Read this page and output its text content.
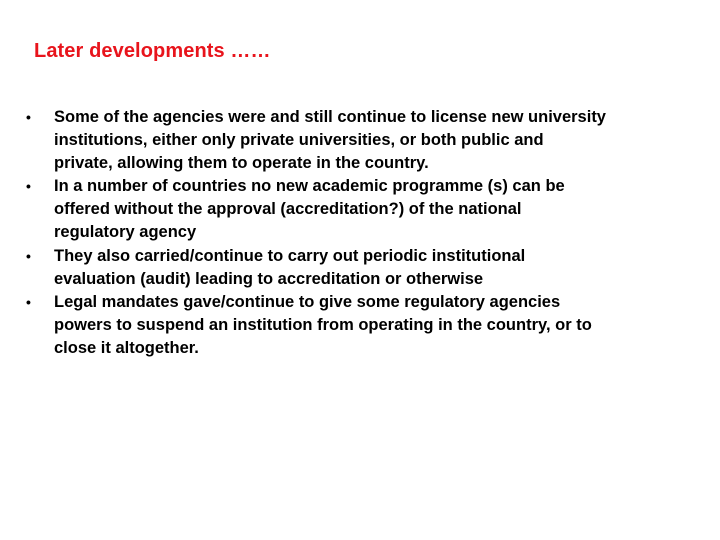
Later developments ……
• Some of the agencies were and still continue to license new university
institutions, either only private universities, or both public and
private, allowing them to operate in the country.
• In a number of countries no new academic programme (s) can be
offered without the approval (accreditation?) of the national
regulatory agency
• They also carried/continue to carry out periodic institutional
evaluation (audit) leading to accreditation or otherwise
• Legal mandates gave/continue to give some regulatory agencies
powers to suspend an institution from operating in the country, or to
close it altogether.
